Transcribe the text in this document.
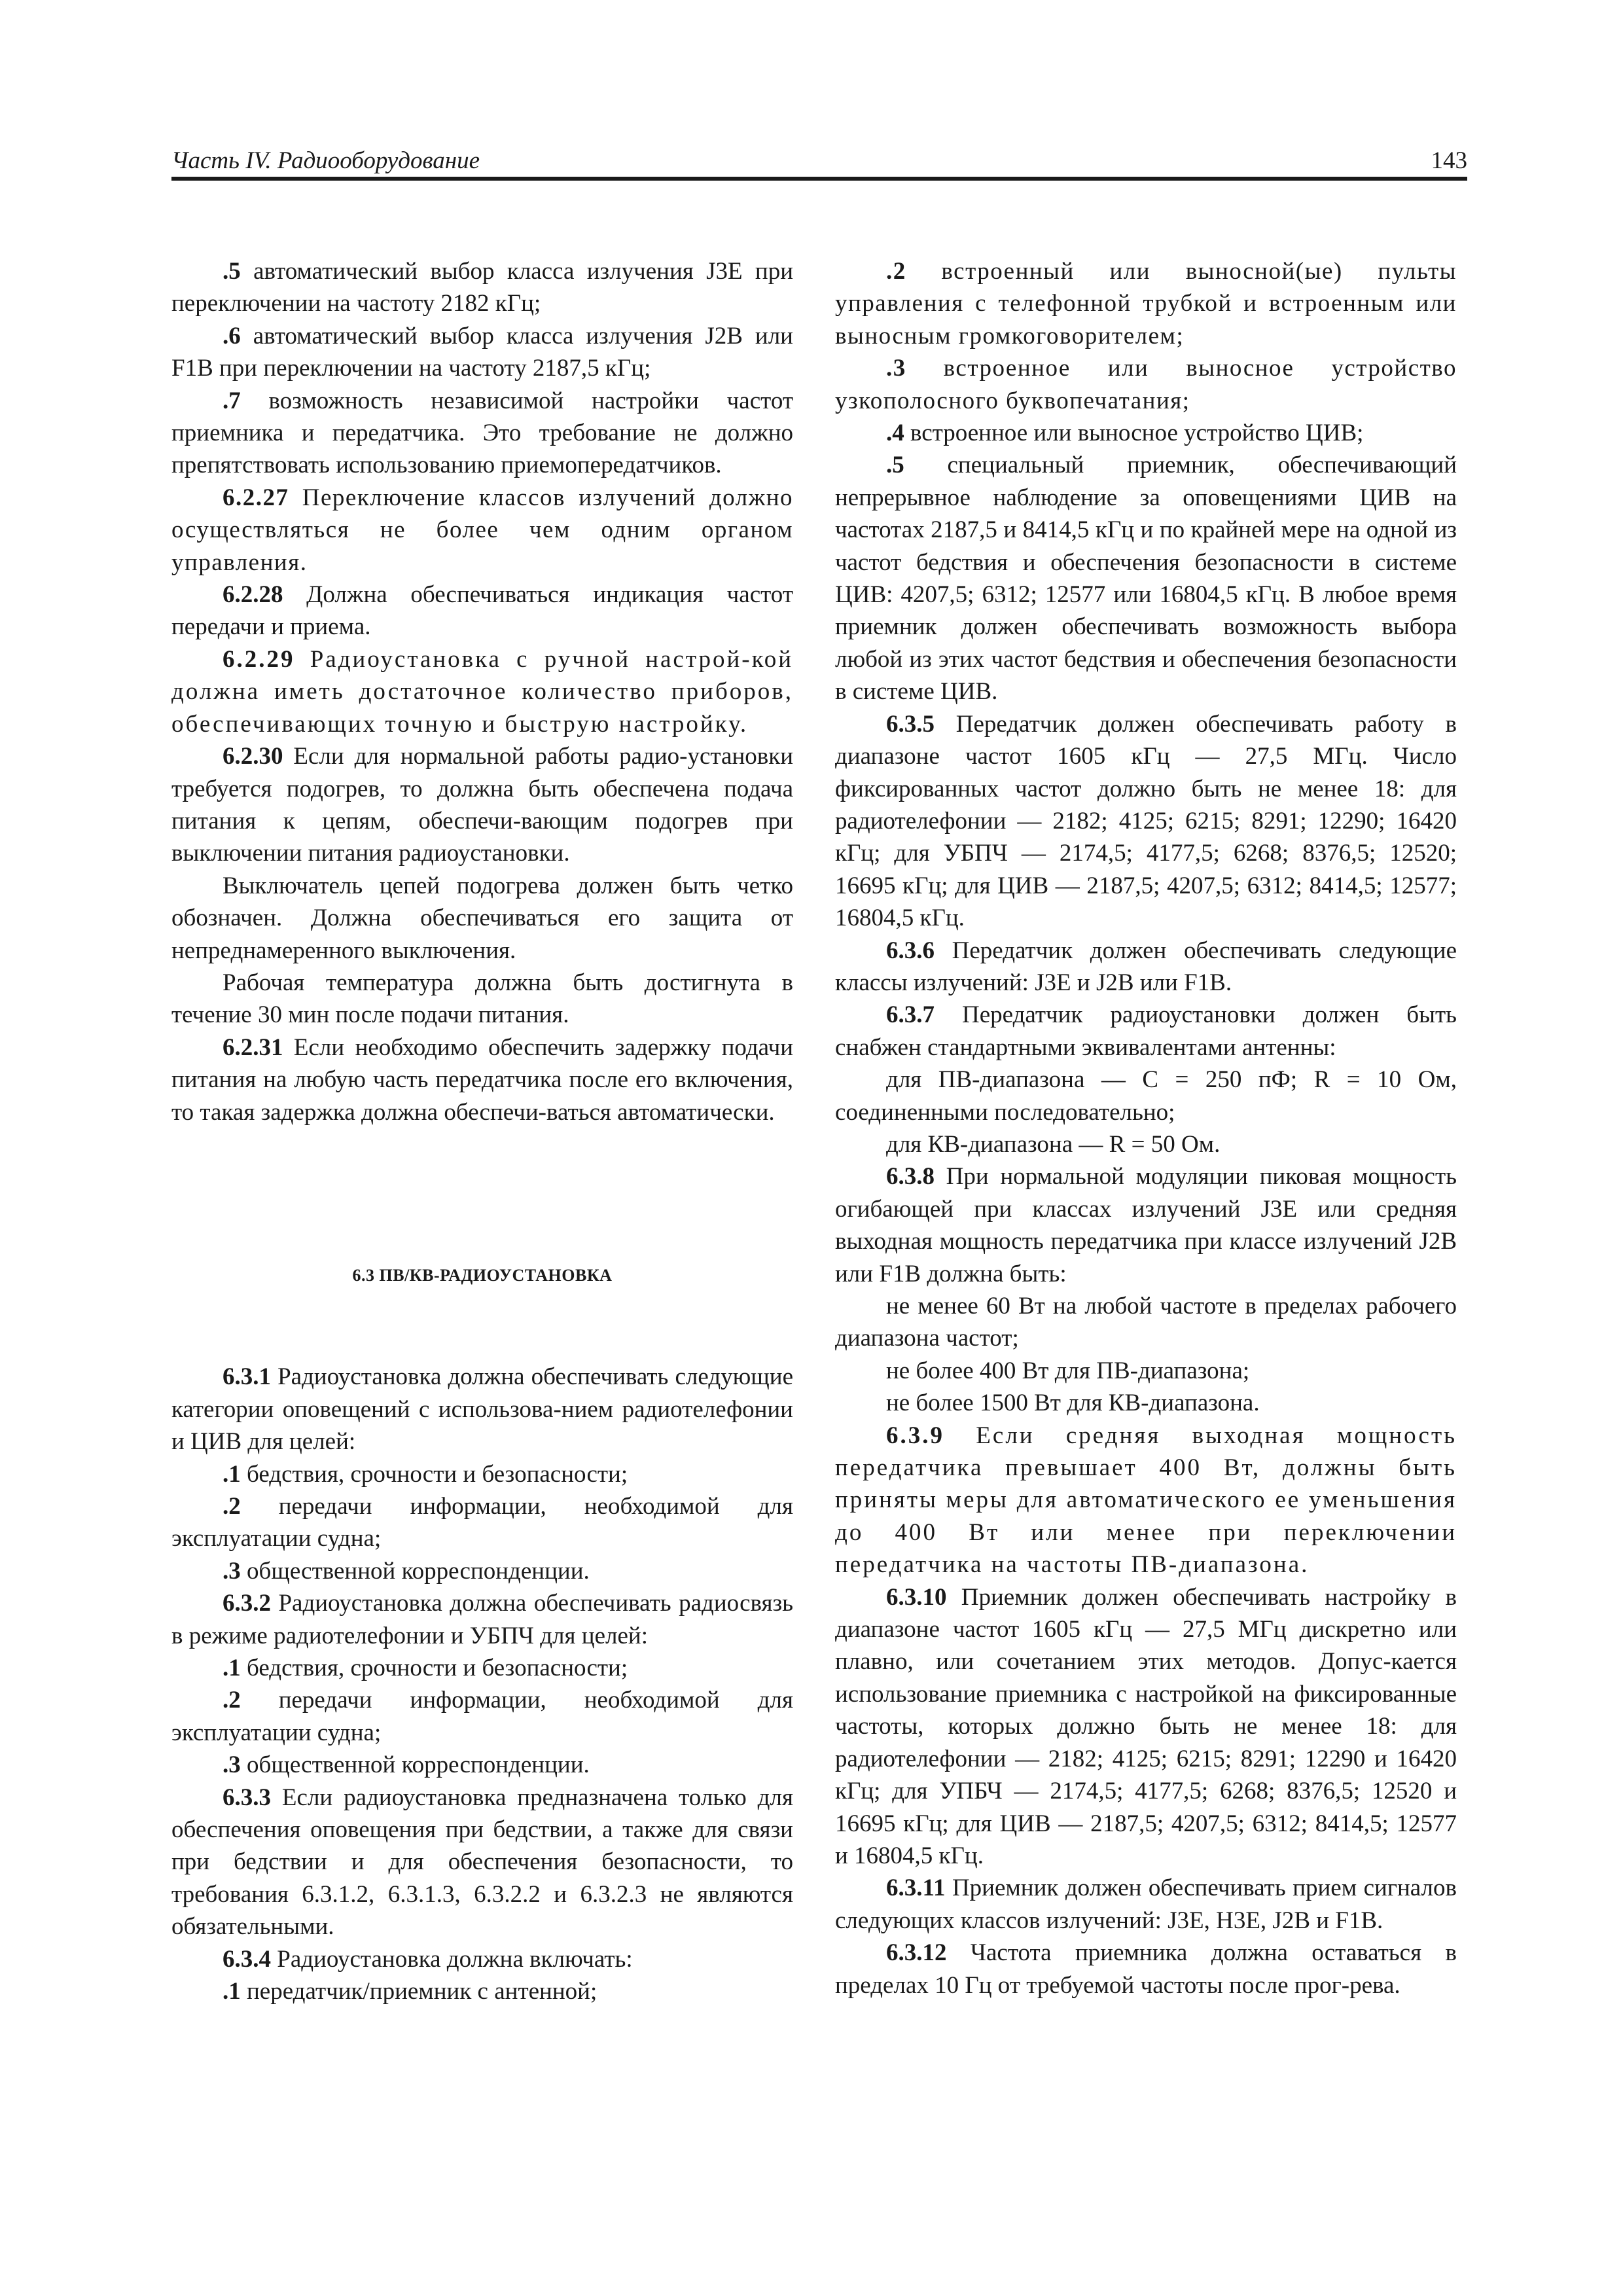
Часть IV. Радиооборудование	143

.5 автоматический выбор класса излучения J3E при переключении на частоту 2182 кГц;

.6 автоматический выбор класса излучения J2B или F1B при переключении на частоту 2187,5 кГц;

.7 возможность независимой настройки частот приемника и передатчика. Это требование не должно препятствовать использованию приемопередатчиков.

6.2.27 Переключение классов излучений должно осуществляться не более чем одним органом управления.

6.2.28 Должна обеспечиваться индикация частот передачи и приема.

6.2.29 Радиоустановка с ручной настрой-кой должна иметь достаточное количество приборов, обеспечивающих точную и быструю настройку.

6.2.30 Если для нормальной работы радио-установки требуется подогрев, то должна быть обеспечена подача питания к цепям, обеспечи-вающим подогрев при выключении питания радиоустановки.

Выключатель цепей подогрева должен быть четко обозначен. Должна обеспечиваться его защита от непреднамеренного выключения.

Рабочая температура должна быть достигнута в течение 30 мин после подачи питания.

6.2.31 Если необходимо обеспечить задержку подачи питания на любую часть передатчика после его включения, то такая задержка должна обеспечи-ваться автоматически.

6.3 ПВ/КВ-РАДИОУСТАНОВКА

6.3.1 Радиоустановка должна обеспечивать следующие категории оповещений с использова-нием радиотелефонии и ЦИВ для целей:

.1 бедствия, срочности и безопасности;

.2 передачи информации, необходимой для эксплуатации судна;

.3 общественной корреспонденции.

6.3.2 Радиоустановка должна обеспечивать радиосвязь в режиме радиотелефонии и УБПЧ для целей:

.1 бедствия, срочности и безопасности;

.2 передачи информации, необходимой для эксплуатации судна;

.3 общественной корреспонденции.

6.3.3 Если радиоустановка предназначена только для обеспечения оповещения при бедствии, а также для связи при бедствии и для обеспечения безопасности, то требования 6.3.1.2, 6.3.1.3, 6.3.2.2 и 6.3.2.3 не являются обязательными.

6.3.4 Радиоустановка должна включать:

.1 передатчик/приемник с антенной;

.2 встроенный или выносной(ые) пульты управления с телефонной трубкой и встроенным или выносным громкоговорителем;

.3 встроенное или выносное устройство узкополосного буквопечатания;

.4 встроенное или выносное устройство ЦИВ;

.5 специальный приемник, обеспечивающий непрерывное наблюдение за оповещениями ЦИВ на частотах 2187,5 и 8414,5 кГц и по крайней мере на одной из частот бедствия и обеспечения безопасности в системе ЦИВ: 4207,5; 6312; 12577 или 16804,5 кГц. В любое время приемник должен обеспечивать возможность выбора любой из этих частот бедствия и обеспечения безопасности в системе ЦИВ.

6.3.5 Передатчик должен обеспечивать работу в диапазоне частот 1605 кГц — 27,5 МГц. Число фиксированных частот должно быть не менее 18: для радиотелефонии — 2182; 4125; 6215; 8291; 12290; 16420 кГц; для УБПЧ — 2174,5; 4177,5; 6268; 8376,5; 12520; 16695 кГц; для ЦИВ — 2187,5; 4207,5; 6312; 8414,5; 12577; 16804,5 кГц.

6.3.6 Передатчик должен обеспечивать следующие классы излучений: J3E и J2B или F1B.

6.3.7 Передатчик радиоустановки должен быть снабжен стандартными эквивалентами антенны:

для ПВ-диапазона — C = 250 пФ; R = 10 Ом, соединенными последовательно;

для КВ-диапазона — R = 50 Ом.

6.3.8 При нормальной модуляции пиковая мощность огибающей при классах излучений J3E или средняя выходная мощность передатчика при классе излучений J2B или F1B должна быть:

не менее 60 Вт на любой частоте в пределах рабочего диапазона частот;

не более 400 Вт для ПВ-диапазона;

не более 1500 Вт для КВ-диапазона.

6.3.9 Если средняя выходная мощность передатчика превышает 400 Вт, должны быть приняты меры для автоматического ее уменьшения до 400 Вт или менее при переключении передатчика на частоты ПВ-диапазона.

6.3.10 Приемник должен обеспечивать настройку в диапазоне частот 1605 кГц — 27,5 МГц дискретно или плавно, или сочетанием этих методов. Допус-кается использование приемника с настройкой на фиксированные частоты, которых должно быть не менее 18: для радиотелефонии — 2182; 4125; 6215; 8291; 12290 и 16420 кГц; для УПБЧ — 2174,5; 4177,5; 6268; 8376,5; 12520 и 16695 кГц; для ЦИВ — 2187,5; 4207,5; 6312; 8414,5; 12577 и 16804,5 кГц.

6.3.11 Приемник должен обеспечивать прием сигналов следующих классов излучений: J3E, H3E, J2B и F1B.

6.3.12 Частота приемника должна оставаться в пределах 10 Гц от требуемой частоты после прог-рева.
